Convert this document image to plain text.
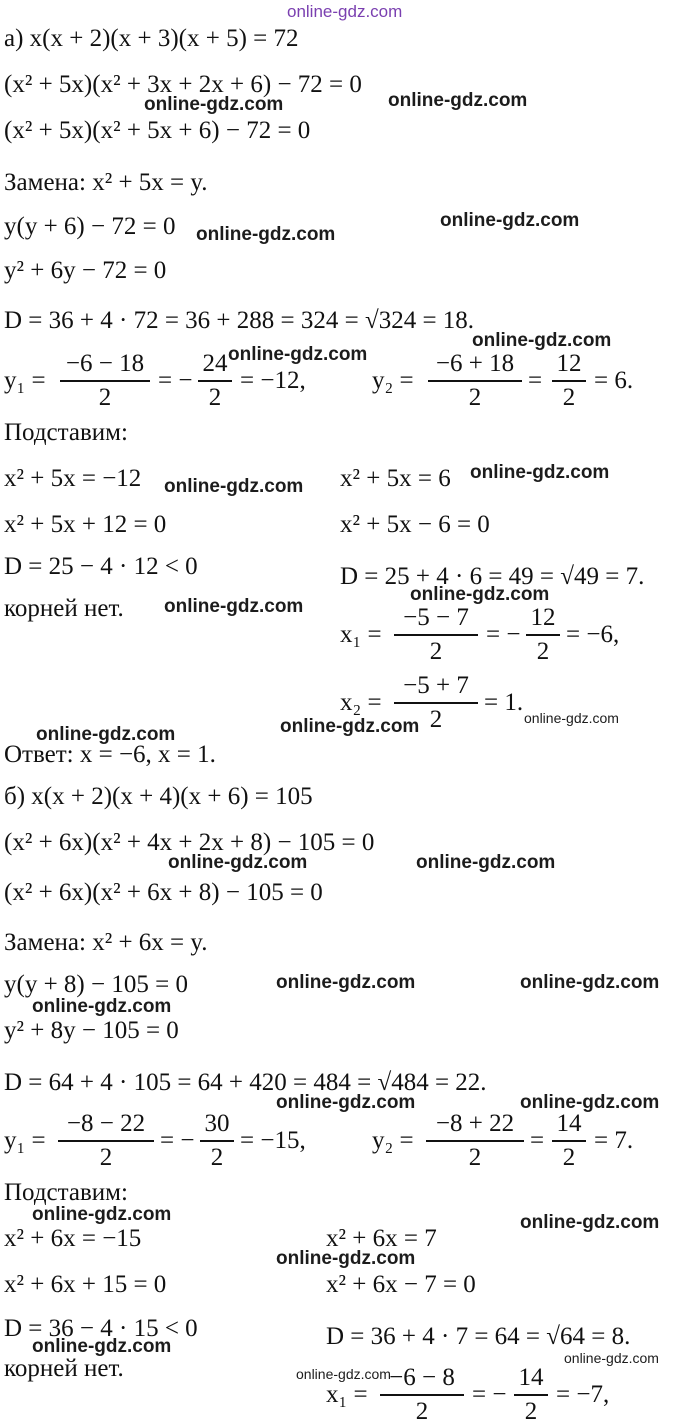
online-gdz.com
а) x(x + 2)(x + 3)(x + 5) = 72
(x² + 5x)(x² + 3x + 2x + 6) − 72 = 0
(x² + 5x)(x² + 5x + 6) − 72 = 0
Замена: x² + 5x = y.
y(y + 6) − 72 = 0
y² + 6y − 72 = 0
D = 36 + 4 · 72 = 36 + 288 = 324 = √324 = 18.
y₁ =
−6 − 18
2
= −
24
2
= −12,	y₂ =
−6 + 18
2
=
12
2
= 6.
Подставим:
x² + 5x = −12
x² + 5x + 12 = 0
D = 25 − 4 · 12 < 0
корней нет.
x² + 5x = 6
x² + 5x − 6 = 0
D = 25 + 4 · 6 = 49 = √49 = 7.
x₁ =
−5 − 7
2
= −
12
2
= −6,
x₂ =
−5 + 7
2
= 1.
Ответ: x = −6, x = 1.
б) x(x + 2)(x + 4)(x + 6) = 105
(x² + 6x)(x² + 4x + 2x + 8) − 105 = 0
(x² + 6x)(x² + 6x + 8) − 105 = 0
Замена: x² + 6x = y.
y(y + 8) − 105 = 0
y² + 8y − 105 = 0
D = 64 + 4 · 105 = 64 + 420 = 484 = √484 = 22.
y₁ =
−8 − 22
2
= −
30
2
= −15,	y₂ =
−8 + 22
2
=
14
2
= 7.
Подставим:
x² + 6x = −15
x² + 6x + 15 = 0
D = 36 − 4 · 15 < 0
корней нет.
x² + 6x = 7
x² + 6x − 7 = 0
D = 36 + 4 · 7 = 64 = √64 = 8.
x₁ =
−6 − 8
2
= −
14
2
= −7,
online-gdz.com	online-gdz.com
online-gdz.com
online-gdz.com
online-gdz.com
online-gdz.com
online-gdz.com
online-gdz.com
online-gdz.com
online-gdz.com
online-gdz.com
online-gdz.com
online-gdz.com
online-gdz.com	online-gdz.com
online-gdz.com	online-gdz.com
online-gdz.com
online-gdz.com	online-gdz.com
online-gdz.com	online-gdz.com
online-gdz.com
online-gdz.com
online-gdz.com
online-gdz.com
